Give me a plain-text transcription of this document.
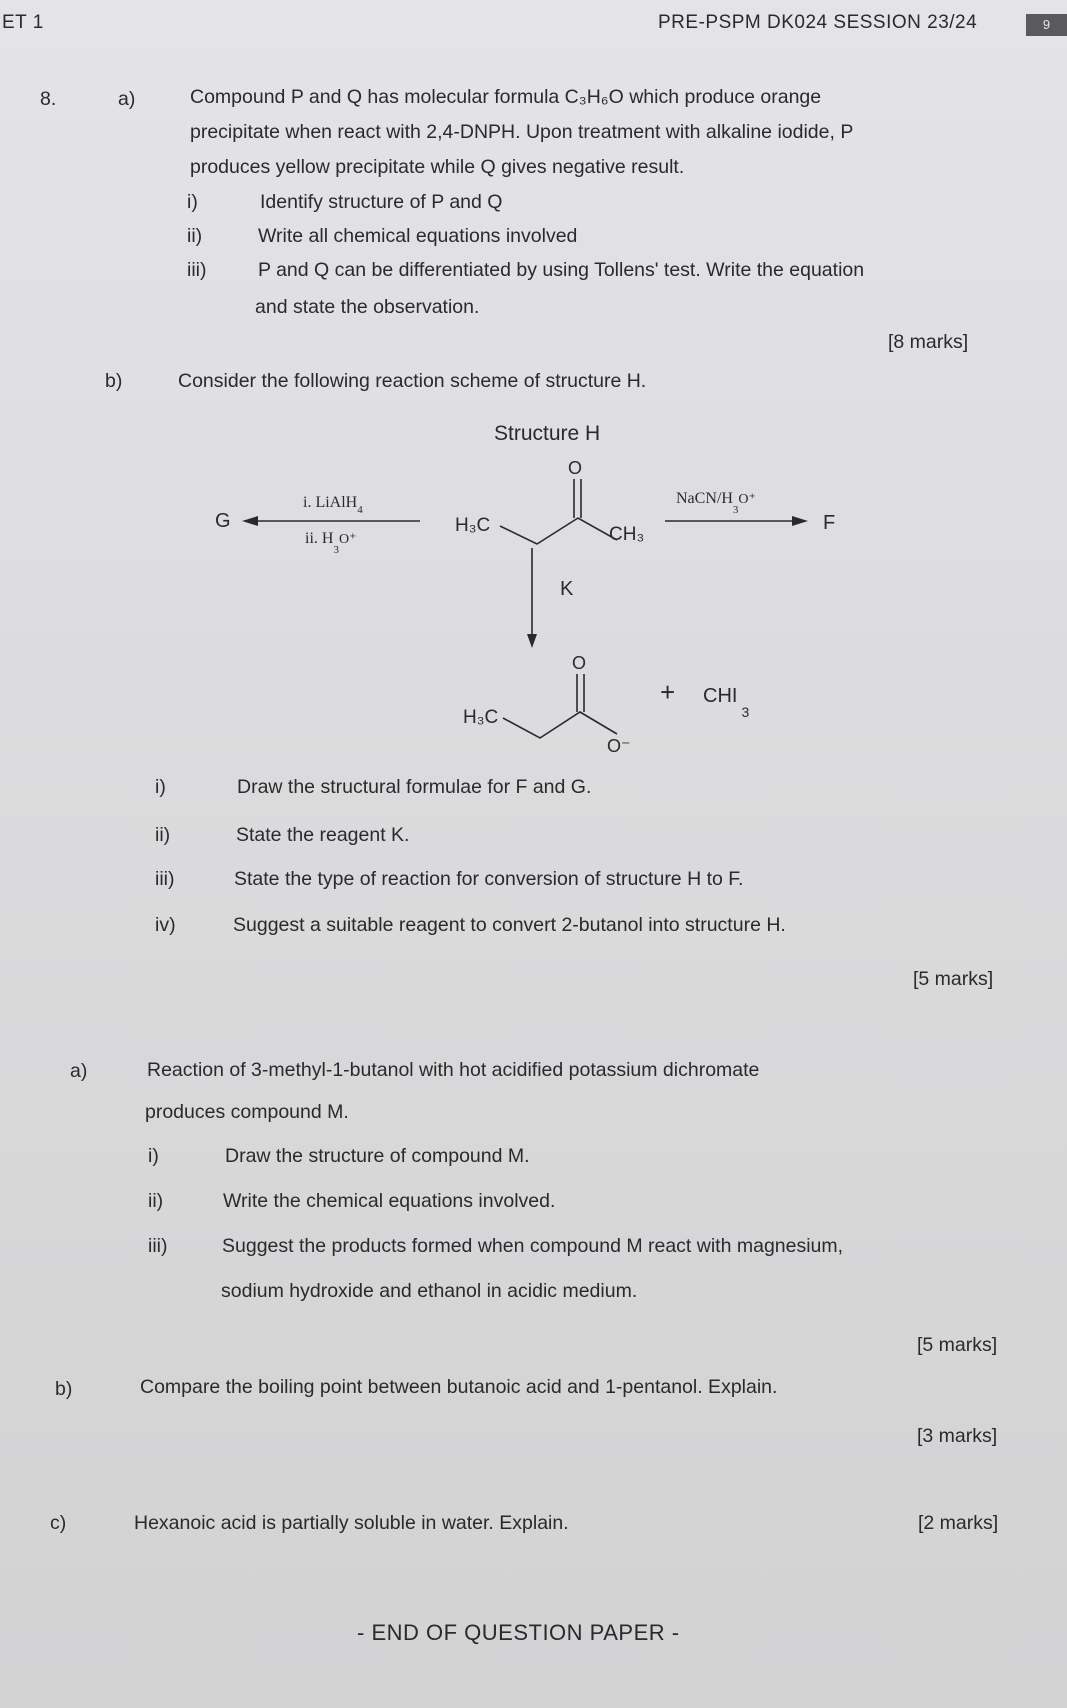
ET 1	PRE-PSPM DK024 SESSION 23/24	9
8.	a)	Compound P and Q has molecular formula C₃H₆O which produce orange
precipitate when react with 2,4-DNPH. Upon treatment with alkaline iodide, P
produces yellow precipitate while Q gives negative result.
i)	Identify structure of P and Q
ii)	Write all chemical equations involved
iii)	P and Q can be differentiated by using Tollens' test. Write the equation
and state the observation.
[8 marks]
b)	Consider the following reaction scheme of structure H.
Structure H
G
i. LiAlH$_4$
ii. $H_3O^+$
H₃C
O
CH₃
NaCN/$H_3O^+$
F
K
H₃C
O
O⁻
+ $CHI_3$
i)	Draw the structural formulae for F and G.
ii)	State the reagent K.
iii)	State the type of reaction for conversion of structure H to F.
iv)	Suggest a suitable reagent to convert 2-butanol into structure H.
[5 marks]
a)	Reaction of 3-methyl-1-butanol with hot acidified potassium dichromate
produces compound M.
i)	Draw the structure of compound M.
ii)	Write the chemical equations involved.
iii)	Suggest the products formed when compound M react with magnesium,
sodium hydroxide and ethanol in acidic medium.
[5 marks]
b)	Compare the boiling point between butanoic acid and 1-pentanol. Explain.
[3 marks]
c)	Hexanoic acid is partially soluble in water. Explain.	[2 marks]
- END OF QUESTION PAPER -
